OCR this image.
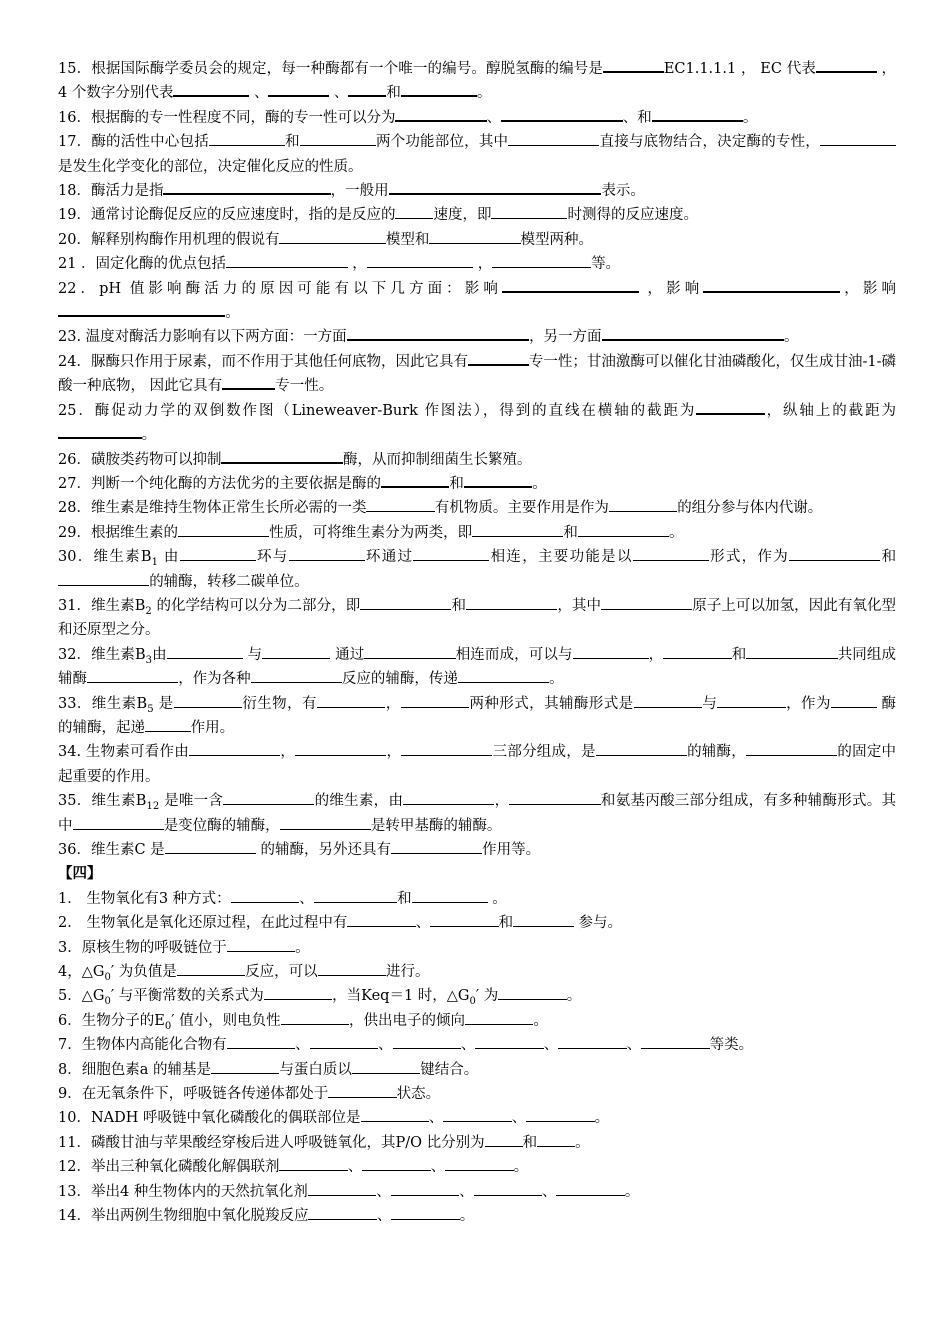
15．根据国际酶学委员会的规定，每一种酶都有一个唯一的编号。醇脱氢酶的编号是	EC1.1.1.1 ， EC 代表	， 4 个数字分别代表	、	、	和	。

16．根据酶的专一性程度不同，酶的专一性可以分为	、	、和	。

17．酶的活性中心包括	和	两个功能部位，其中	直接与底物结合，决定酶的专性，是发生化学变化的部位，决定催化反应的性质。

18．酶活力是指	，一般用	表示。

19．通常讨论酶促反应的反应速度时，指的是反应的	速度，即	时测得的反应速度。

20．解释别构酶作用机理的假说有	模型和	模型两种。

21 ．固定化酶的优点包括	，	，	等。

22．pH 值影响酶活力的原因可能有以下几方面：影响	，影响	，影响。

23. 温度对酶活力影响有以下两方面：一方面	，另一方面	。

24．脲酶只作用于尿素，而不作用于其他任何底物，因此它具有	专一性；甘油激酶可以催化甘油磷酸化，仅生成甘油-1-磷酸一种底物， 因此它具有	专一性。

25．酶促动力学的双倒数作图（Lineweaver-Burk 作图法），得到的直线在横轴的截距为	，纵轴上的截距为。

26．磺胺类药物可以抑制	酶，从而抑制细菌生长繁殖。

27．判断一个纯化酶的方法优劣的主要依据是酶的	和	。

28．维生素是维持生物体正常生长所必需的一类	有机物质。主要作用是作为	的组分参与体内代谢。

29．根据维生素的	性质，可将维生素分为两类，即	和	。

30．维生素$B_1$ 由	环与	环通过	相连，主要功能是以	形式，作为	和的辅酶，转移二碳单位。

31．维生素$B_2$ 的化学结构可以分为二部分，即	和	，其中	原子上可以加氢，因此有氧化型和还原型之分。

32．维生素$B_3$由	与	通过	相连而成，可以与	，	和	共同组成辅酶	，作为各种	反应的辅酶，传递	。

33．维生素$B_5$ 是	衍生物，有	，	两种形式，其辅酶形式是	与	，作为	酶的辅酶，起递	作用。

34. 生物素可看作由	，	，	三部分组成，是	的辅酶，	的固定中起重要的作用。

35．维生素$B_{12}$ 是唯一含	的维生素，由	，	和氨基丙酸三部分组成，有多种辅酶形式。其中	是变位酶的辅酶，	是转甲基酶的辅酶。

36．维生素C 是	的辅酶，另外还具有	作用等。

【四】

1． 生物氧化有3 种方式：	、	和	。

2． 生物氧化是氧化还原过程，在此过程中有	、	和	参与。

3．原核生物的呼吸链位于	。

4，$\triangle G_0'$ 为负值是	反应，可以	进行。

5．$\triangle G_0'$ 与平衡常数的关系式为	，当Keq＝1 时，$\triangle G_0'$ 为	。

6．生物分子的$E_0'$ 值小，则电负性	，供出电子的倾向	。

7．生物体内高能化合物有	、	、	、	、	、	等类。

8．细胞色素a 的辅基是	与蛋白质以	键结合。

9．在无氧条件下，呼吸链各传递体都处于	状态。

10．NADH 呼吸链中氧化磷酸化的偶联部位是	、	、	。

11．磷酸甘油与苹果酸经穿梭后进人呼吸链氧化，其P/O 比分别为	和	。

12．举出三种氧化磷酸化解偶联剂	、	、	。

13．举出4 种生物体内的天然抗氧化剂	、	、	、	。

14．举出两例生物细胞中氧化脱羧反应	、	。
